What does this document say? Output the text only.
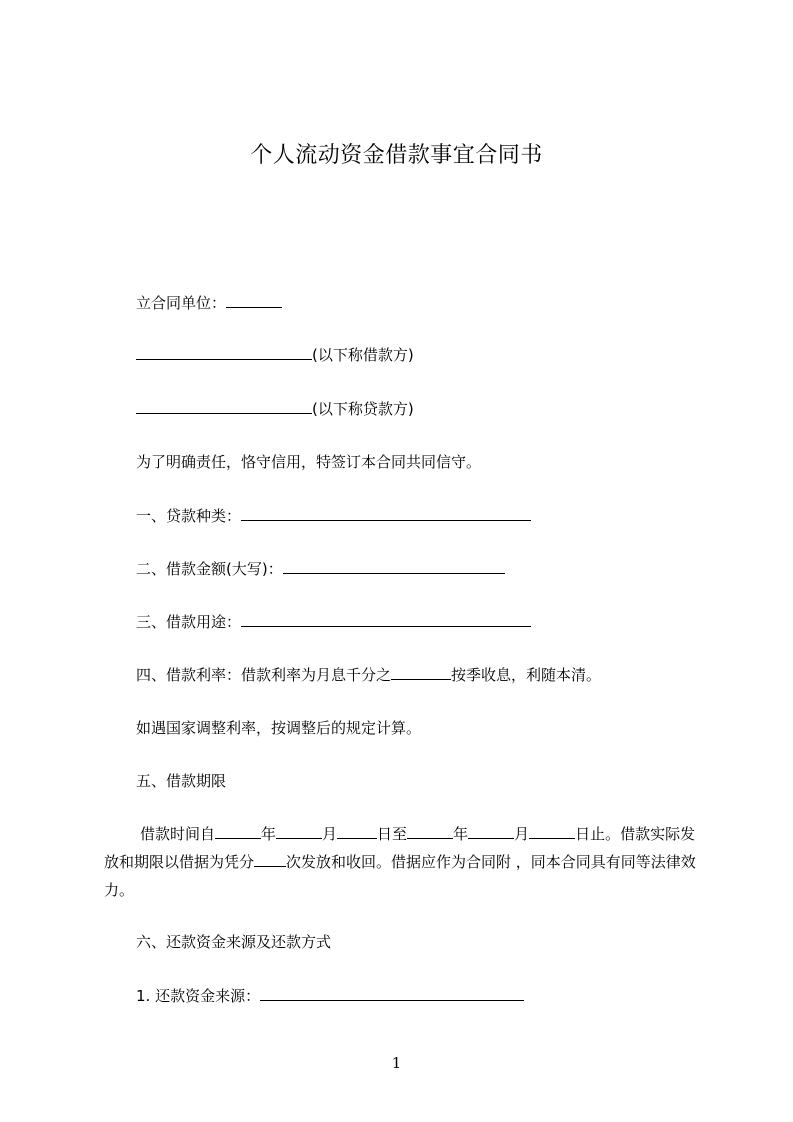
个人流动资金借款事宜合同书
立合同单位：
(以下称借款方)
(以下称贷款方)
为了明确责任，恪守信用，特签订本合同共同信守。
一、贷款种类：
二、借款金额(大写)：
三、借款用途：
四、借款利率：借款利率为月息千分之	按季收息，利随本清。
如遇国家调整利率，按调整后的规定计算。
五、借款期限
借款时间自	年	月	日至	年	月	日止。借款实际发放和期限以借据为凭分 次发放和收回。借据应作为合同附 ，同本合同具有同等法律效力。
六、还款资金来源及还款方式
1. 还款资金来源：
1
